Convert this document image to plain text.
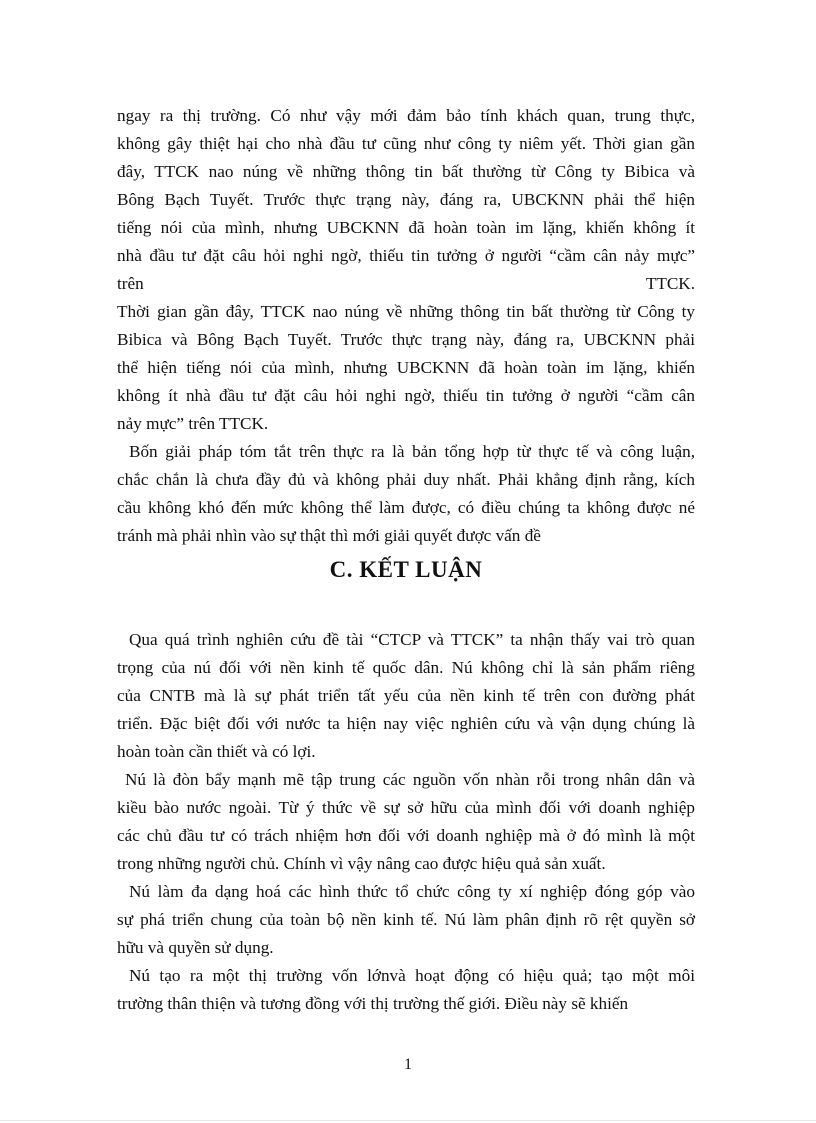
ngay ra thị trường. Có như vậy mới đảm bảo tính khách quan, trung thực,
không gây thiệt hại cho nhà đầu tư cũng như công ty niêm yết. Thời gian gần
đây, TTCK nao núng về những thông tin bất thường từ Công ty Bibica và
Bông Bạch Tuyết. Trước thực trạng này, đáng ra, UBCKNN phải thể hiện
tiếng nói của mình, nhưng UBCKNN đã hoàn toàn im lặng, khiến không ít
nhà đầu tư đặt câu hỏi nghi ngờ, thiếu tin tưởng ở người “cầm cân nảy mực”
trên TTCK.
Thời gian gần đây, TTCK nao núng về những thông tin bất thường từ Công ty
Bibica và Bông Bạch Tuyết. Trước thực trạng này, đáng ra, UBCKNN phải
thể hiện tiếng nói của mình, nhưng UBCKNN đã hoàn toàn im lặng, khiến
không ít nhà đầu tư đặt câu hỏi nghi ngờ, thiếu tin tưởng ở người “cầm cân
nảy mực” trên TTCK.
Bốn giải pháp tóm tắt trên thực ra là bản tổng hợp từ thực tế và công luận,
chắc chắn là chưa đầy đủ và không phải duy nhất. Phải khẳng định rằng, kích
cầu không khó đến mức không thể làm được, có điều chúng ta không được né
tránh mà phải nhìn vào sự thật thì mới giải quyết được vấn đề
C. KẾT LUẬN
Qua quá trình nghiên cứu đề tài “CTCP và TTCK” ta nhận thấy vai trò quan
trọng của nú đối với nền kinh tế quốc dân. Nú không chỉ là sản phẩm riêng
của CNTB mà là sự phát triển tất yếu của nền kinh tế trên con đường phát
triển. Đặc biệt đối với nước ta hiện nay việc nghiên cứu và vận dụng chúng là
hoàn toàn cần thiết và có lợi.
Nú là đòn bẩy mạnh mẽ tập trung các nguồn vốn nhàn rỗi trong nhân dân và
kiều bào nước ngoài. Từ ý thức về sự sở hữu của mình đối với doanh nghiệp
các chủ đầu tư có trách nhiệm hơn đối với doanh nghiệp mà ở đó mình là một
trong những người chủ. Chính vì vậy nâng cao được hiệu quả sản xuất.
Nú làm đa dạng hoá các hình thức tổ chức công ty xí nghiệp đóng góp vào
sự phá triển chung của toàn bộ nền kinh tế. Nú làm phân định rõ rệt quyền sở
hữu và quyền sử dụng.
Nú tạo ra một thị trường vốn lớnvà hoạt động có hiệu quả; tạo một môi
trường thân thiện và tương đồng với thị trường thế giới. Điều này sẽ khiến
1
